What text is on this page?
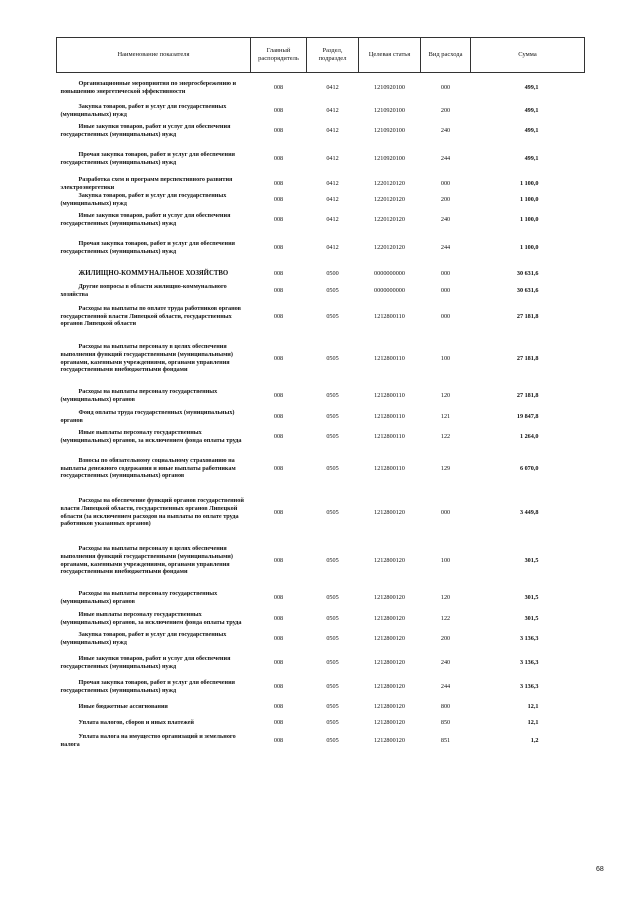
Наименование показателя	Главный распорядитель	Раздел, подраздел	Целевая статья	Вид расхода	Сумма

Организационные мероприятия по энергосбережению и повышению энергетической эффективности	008	0412	1210920100	000	499,1

Закупка товаров, работ и услуг для государственных (муниципальных) нужд	008	0412	1210920100	200	499,1

Иные закупки товаров, работ и услуг для обеспечения государственных (муниципальных) нужд	008	0412	1210920100	240	499,1

Прочая закупка товаров, работ и услуг для обеспечения государственных (муниципальных) нужд	008	0412	1210920100	244	499,1

Разработка схем и программ перспективного развития электроэнергетики	008	0412	1220120120	000	1 100,0

Закупка товаров, работ и услуг для государственных (муниципальных) нужд	008	0412	1220120120	200	1 100,0

Иные закупки товаров, работ и услуг для обеспечения государственных (муниципальных) нужд	008	0412	1220120120	240	1 100,0

Прочая закупка товаров, работ и услуг для обеспечения государственных (муниципальных) нужд	008	0412	1220120120	244	1 100,0

ЖИЛИЩНО-КОММУНАЛЬНОЕ ХОЗЯЙСТВО	008	0500	0000000000	000	30 631,6

Другие вопросы в области жилищно-коммунального хозяйства	008	0505	0000000000	000	30 631,6

Расходы на выплаты по оплате труда работников органов государственной власти Липецкой области, государственных органов Липецкой области	008	0505	1212800110	000	27 181,8

Расходы на выплаты персоналу в целях обеспечения выполнения функций государственными (муниципальными) органами, казенными учреждениями, органами управления государственными внебюджетными фондами	008	0505	1212800110	100	27 181,8

Расходы на выплаты персоналу государственных (муниципальных) органов	008	0505	1212800110	120	27 181,8

Фонд оплаты труда государственных (муниципальных) органов	008	0505	1212800110	121	19 847,8

Иные выплаты персоналу государственных (муниципальных) органов, за исключением фонда оплаты труда	008	0505	1212800110	122	1 264,0

Взносы по обязательному социальному страхованию на выплаты денежного содержания и иные выплаты работникам государственных (муниципальных) органов	008	0505	1212800110	129	6 070,0

Расходы на обеспечение функций органов государственной власти Липецкой области, государственных органов Липецкой области (за исключением расходов на выплаты по оплате труда работников указанных органов)	008	0505	1212800120	000	3 449,8

Расходы на выплаты персоналу в целях обеспечения выполнения функций государственными (муниципальными) органами, казенными учреждениями, органами управления государственными внебюджетными фондами	008	0505	1212800120	100	301,5

Расходы на выплаты персоналу государственных (муниципальных) органов	008	0505	1212800120	120	301,5

Иные выплаты персоналу государственных (муниципальных) органов, за исключением фонда оплаты труда	008	0505	1212800120	122	301,5

Закупка товаров, работ и услуг для государственных (муниципальных) нужд	008	0505	1212800120	200	3 136,3

Иные закупки товаров, работ и услуг для обеспечения государственных (муниципальных) нужд	008	0505	1212800120	240	3 136,3

Прочая закупка товаров, работ и услуг для обеспечения государственных (муниципальных) нужд	008	0505	1212800120	244	3 136,3

Иные бюджетные ассигнования	008	0505	1212800120	800	12,1

Уплата налогов, сборов и иных платежей	008	0505	1212800120	850	12,1

Уплата налога на имущество организаций и земельного налога	008	0505	1212800120	851	1,2
68
